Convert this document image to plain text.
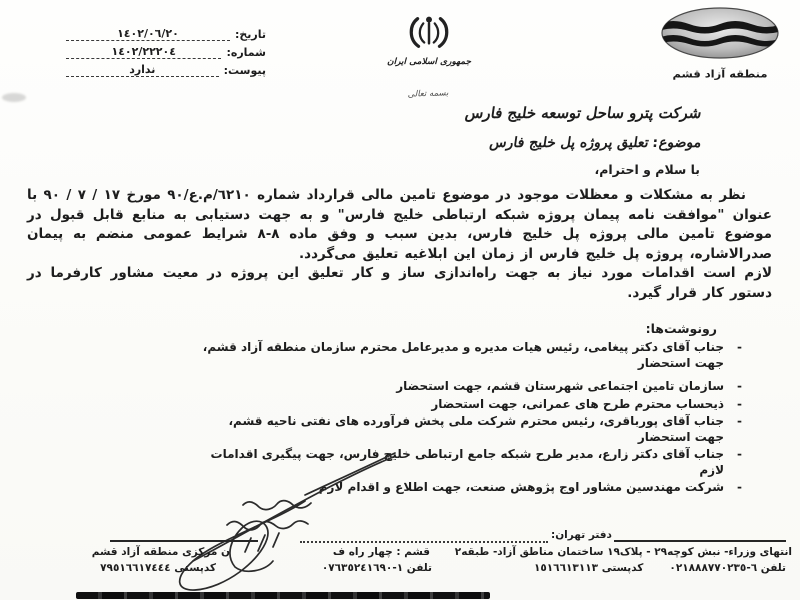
تاریخ:
١٤٠٢/٠٦/٢٠
شماره:
١٤٠٢/٢٢٢٠٤
پیوست:
ندارد
جمهوری اسلامی ایران
بسمه تعالی
منطقه آزاد قشم
شرکت پترو ساحل توسعه خلیج فارس
موضوع: تعلیق پروژه پل خلیج فارس
با سلام و احترام،

نظر به مشکلات و معظلات موجود در موضوع تامین مالی قرارداد شماره ٦٢١٠/م.ع/٩٠ مورخ ١٧ / ٧ / ٩٠ با عنوان "موافقت نامه پیمان پروژه شبکه ارتباطی خلیج فارس" و به جهت دستیابی به منابع قابل قبول در موضوع تامین مالی پروژه پل خلیج فارس، بدین سبب و وفق ماده ٨-٨ شرایط عمومی منضم به پیمان صدرالاشاره، پروژه پل خلیج فارس از زمان این ابلاغیه تعلیق می‌گردد.

لازم است اقدامات مورد نیاز به جهت راه‌اندازی ساز و کار تعلیق این پروژه در معیت مشاور کارفرما در دستور کار قرار گیرد.

رونوشت‌ها:
-
جناب آقای دکتر پیغامی، رئیس هیات مدیره و مدیرعامل محترم سازمان منطقه آزاد قشم، جهت استحضار
-
سازمان تامین اجتماعی شهرستان قشم، جهت استحضار
-
ذیحساب محترم طرح های عمرانی، جهت استحضار
-
جناب آقای پورباقری، رئیس محترم شرکت ملی پخش فرآورده های نفتی ناحیه قشم، جهت استحضار
-
جناب آقای دکتر زارع، مدیر طرح شبکه جامع ارتباطی خلیج فارس، جهت پیگیری اقدامات لازم
-
شرکت مهندسین مشاور اوج پژوهش صنعت، جهت اطلاع و اقدام لازم
دفتر تهران:
انتهای وزراء- نبش کوچه٢٩ - پلاک١٩ ساختمان مناطق آزاد- طبقه٢
تلفن ٦-٠٢١٨٨٨٧٧٠٢٣٥کدپستی ١٥١٦٦١٣١١٣
قشم : چهار راه ف
تلفن ١-٠٧٦٣٥٢٤١٦٩٠
ن مرکزی منطقه آزاد قشم
کدپستی ٧٩٥١٦٦١٧٤٤٤
